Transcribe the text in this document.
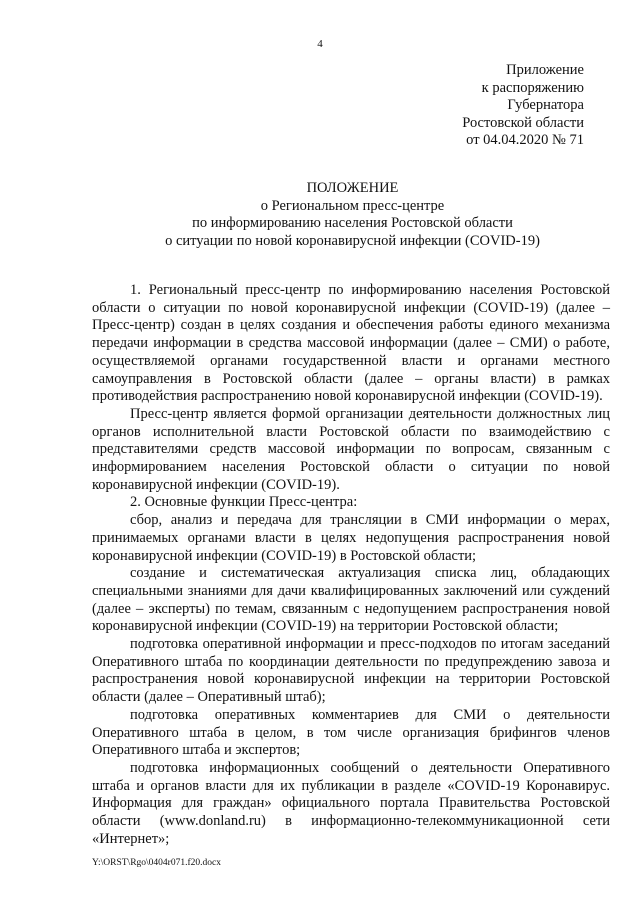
4
Приложение
к распоряжению
Губернатора
Ростовской области
от 04.04.2020 № 71
ПОЛОЖЕНИЕ
о Региональном пресс-центре
по информированию населения Ростовской области
о ситуации по новой коронавирусной инфекции (COVID-19)

1. Региональный пресс-центр по информированию населения Ростовской области о ситуации по новой коронавирусной инфекции (COVID-19) (далее – Пресс-центр) создан в целях создания и обеспечения работы единого механизма передачи информации в средства массовой информации (далее – СМИ) о работе, осуществляемой органами государственной власти и органами местного самоуправления в Ростовской области (далее – органы власти) в рамках противодействия распространению новой коронавирусной инфекции (COVID-19).

Пресс-центр является формой организации деятельности должностных лиц органов исполнительной власти Ростовской области по взаимодействию с представителями средств массовой информации по вопросам, связанным с информированием населения Ростовской области о ситуации по новой коронавирусной инфекции (COVID-19).

2. Основные функции Пресс-центра:

сбор, анализ и передача для трансляции в СМИ информации о мерах, принимаемых органами власти в целях недопущения распространения новой коронавирусной инфекции (COVID-19) в Ростовской области;

создание и систематическая актуализация списка лиц, обладающих специальными знаниями для дачи квалифицированных заключений или суждений (далее – эксперты) по темам, связанным с недопущением распространения новой коронавирусной инфекции (COVID-19) на территории Ростовской области;

подготовка оперативной информации и пресс-подходов по итогам заседаний Оперативного штаба по координации деятельности по предупреждению завоза и распространения новой коронавирусной инфекции на территории Ростовской области (далее – Оперативный штаб);

подготовка оперативных комментариев для СМИ о деятельности Оперативного штаба в целом, в том числе организация брифингов членов Оперативного штаба и экспертов;

подготовка информационных сообщений о деятельности Оперативного штаба и органов власти для их публикации в разделе «COVID-19 Коронавирус. Информация для граждан» официального портала Правительства Ростовской области (www.donland.ru) в информационно-телекоммуникационной сети «Интернет»;

Y:\ORST\Rgo\0404r071.f20.docx
